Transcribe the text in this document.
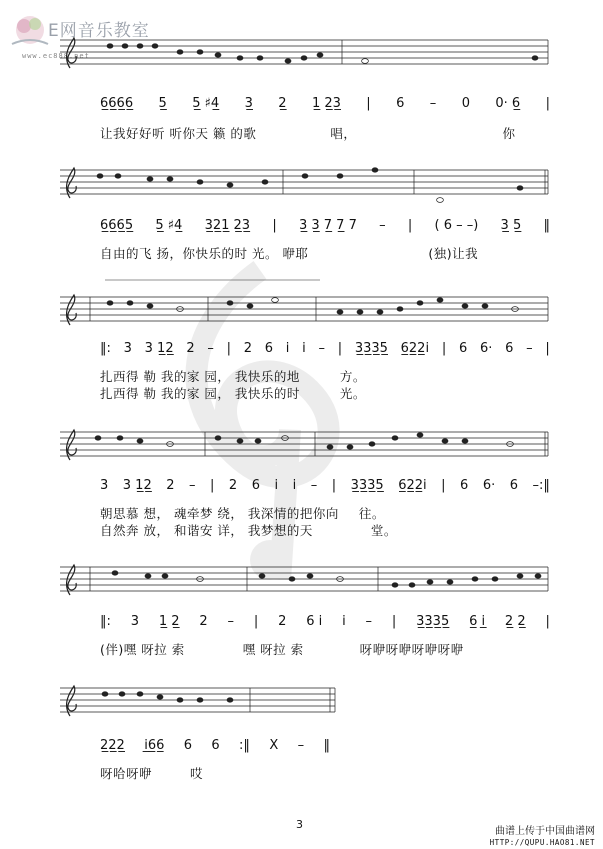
E网音乐教室
www.ec888.net
6̲6̲6̲6̲ 5̲ 5̲ ♯4̲ 3̲ 2̲ 1̲ 2̲3̲ | 6 – 0 0· 6̲ |
让我好好听 听你天 籁 的歌	唱，	你
6̲6̲6̲5̲ 5̲ ♯4̲ 3̲2̲1̲ 2̲3̲ | 3̲ 3̲ 7̲ 7̲ 7 – | ( 6 – –) 3̲ 5̲ ‖
自由的飞 扬，你快乐的时 光。 咿耶	(独)让我
‖: 3 3 1̲2̲ 2 – | 2 6 i i – | 3̲3̲3̲5̲ 6̲2̲2̲i | 6 6· 6 – |
扎西得 勒 我的家 园， 我快乐的地	方。
扎西得 勒 我的家 园， 我快乐的时	光。
3 3 1̲2̲ 2 – | 2 6 i i – | 3̲3̲3̲5̲ 6̲2̲2̲i | 6 6· 6 –:‖
朝思慕 想， 魂牵梦 绕， 我深情的把你向 往。
自然奔 放， 和谐安 详， 我梦想的天	堂。
‖: 3 1̲ 2̲ 2 – | 2 6 i i – | 3̲3̲3̲5̲ 6̲ i̲ 2̲ 2̲ |
(伴)嘿 呀拉 索	嘿 呀拉 索	呀咿呀咿呀咿呀咿
2̲2̲2̲ i̲6̲6̲ 6 6 :‖ X – ‖
呀哈呀咿	哎
3
曲谱上传于中国曲谱网
HTTP://QUPU.HAO81.NET
